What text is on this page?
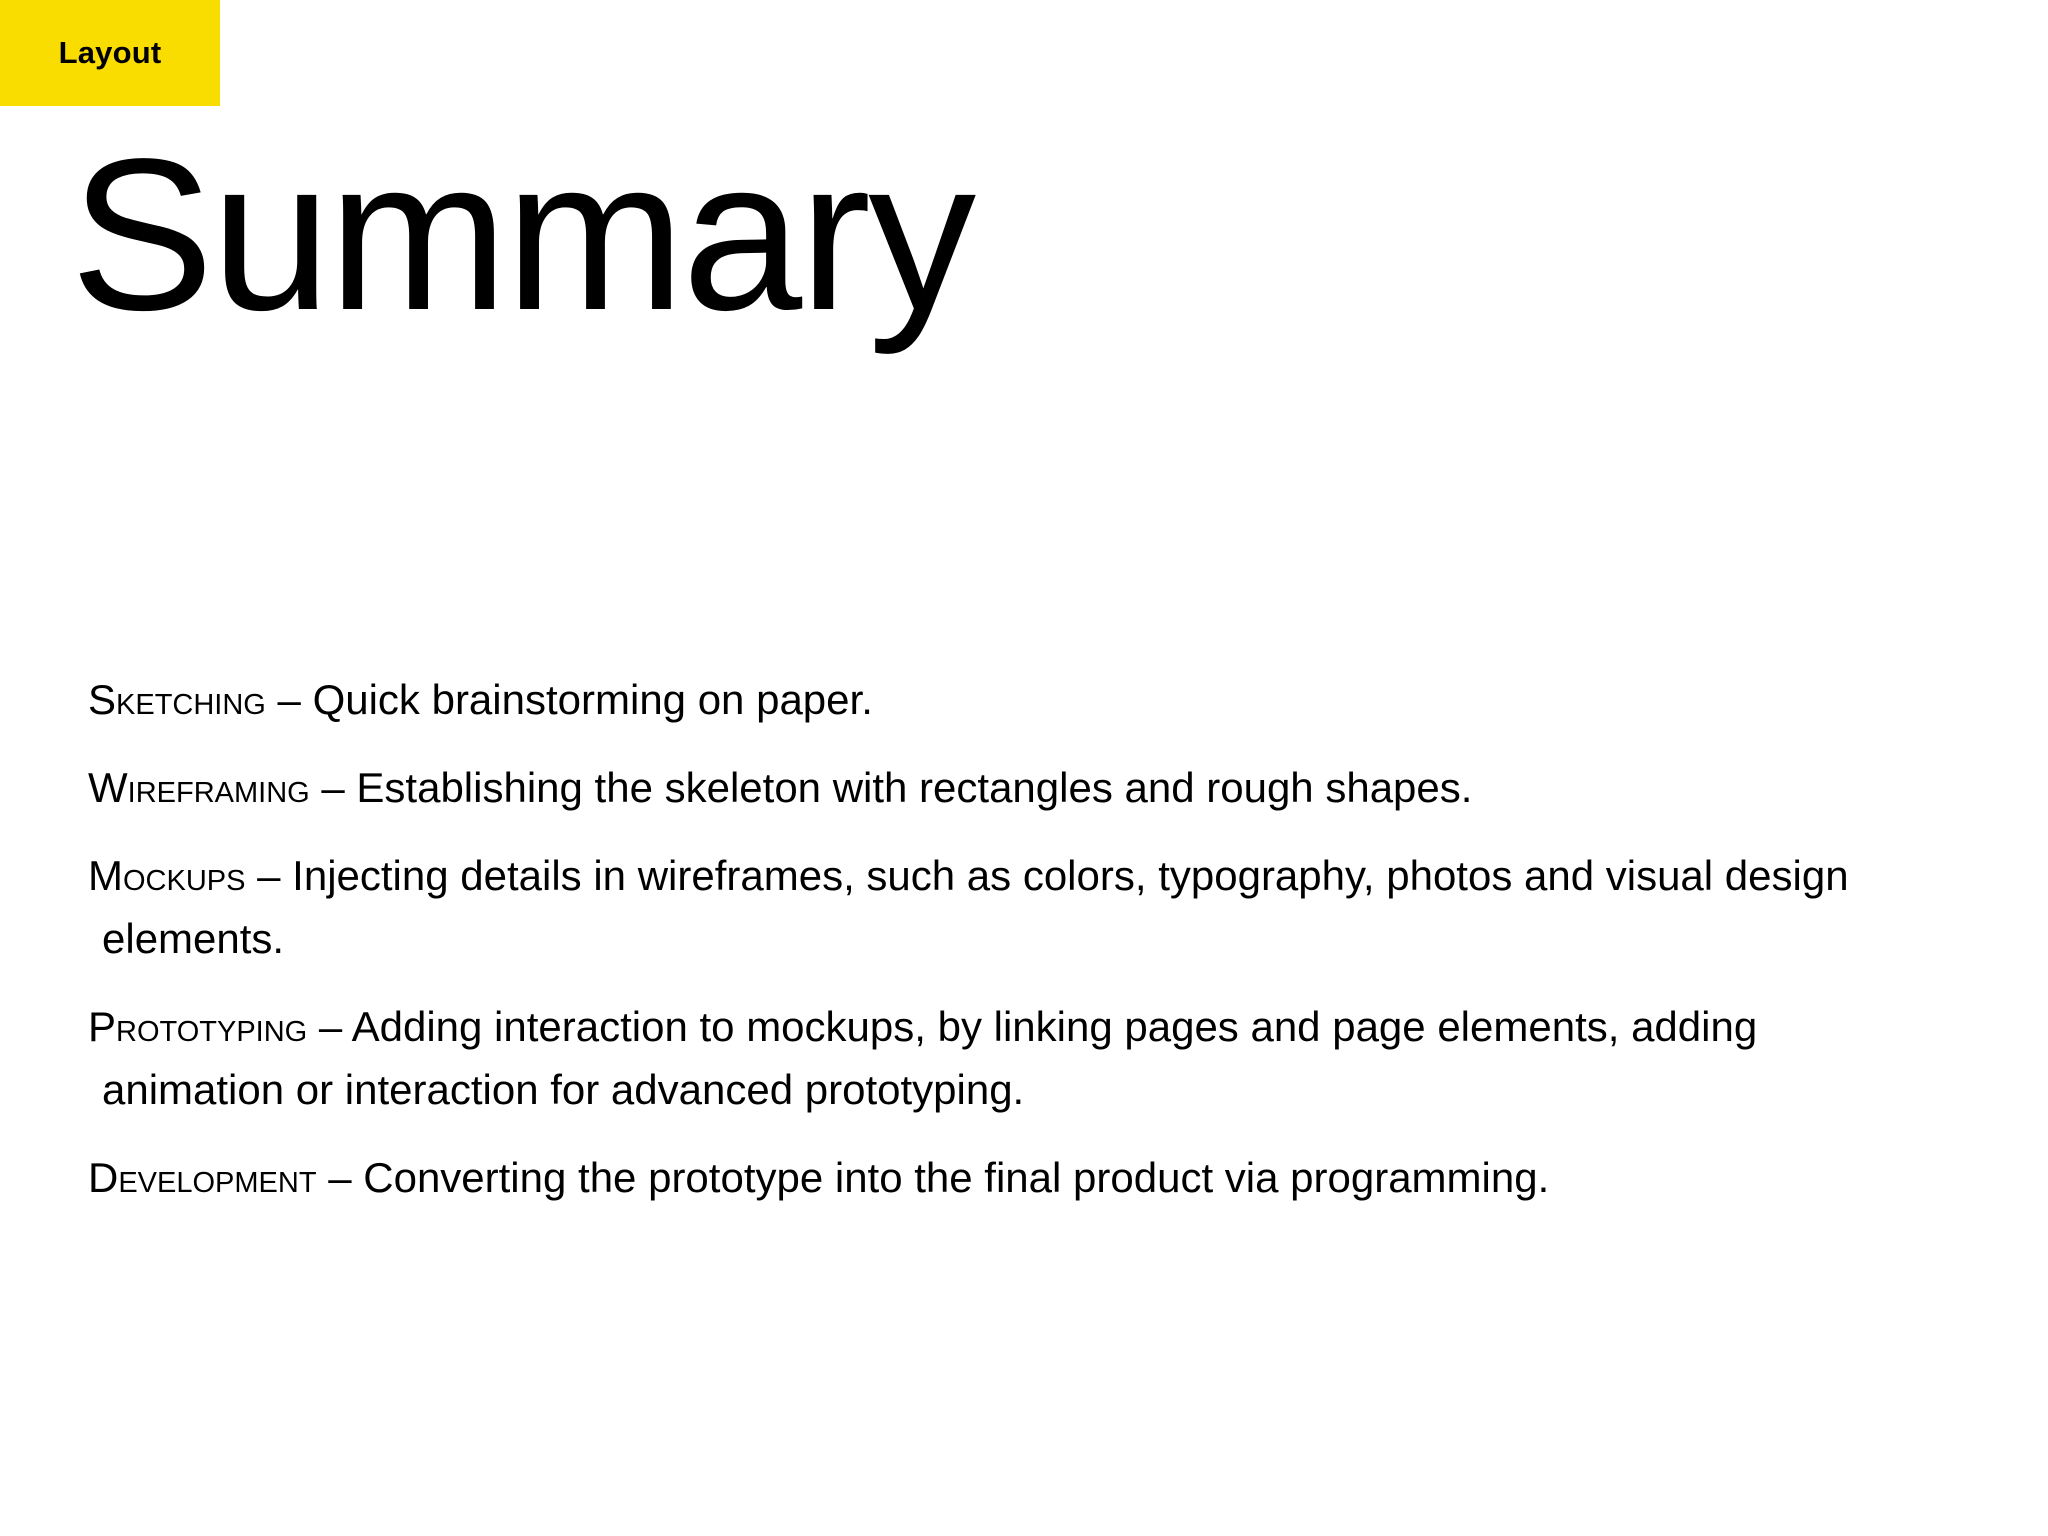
Layout
Summary
Sketching – Quick brainstorming on paper.
Wireframing – Establishing the skeleton with rectangles and rough shapes.
Mockups – Injecting details in wireframes, such as colors, typography, photos and visual design
elements.
Prototyping – Adding interaction to mockups, by linking pages and page elements, adding
animation or interaction for advanced prototyping.
Development – Converting the prototype into the final product via programming.
